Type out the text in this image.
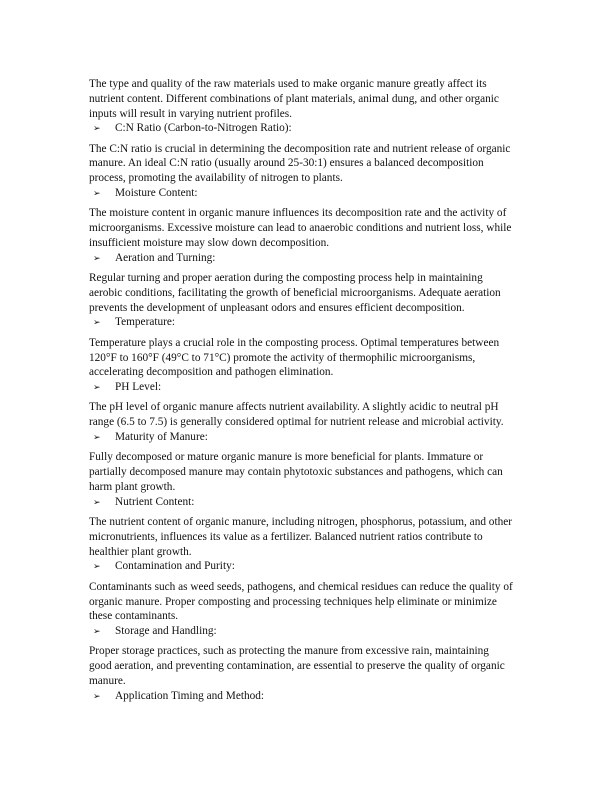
The type and quality of the raw materials used to make organic manure greatly affect its
nutrient content. Different combinations of plant materials, animal dung, and other organic
inputs will result in varying nutrient profiles.

➢	C:N Ratio (Carbon-to-Nitrogen Ratio):

The C:N ratio is crucial in determining the decomposition rate and nutrient release of organic
manure. An ideal C:N ratio (usually around 25-30:1) ensures a balanced decomposition
process, promoting the availability of nitrogen to plants.

➢	Moisture Content:

The moisture content in organic manure influences its decomposition rate and the activity of
microorganisms. Excessive moisture can lead to anaerobic conditions and nutrient loss, while
insufficient moisture may slow down decomposition.

➢	Aeration and Turning:

Regular turning and proper aeration during the composting process help in maintaining
aerobic conditions, facilitating the growth of beneficial microorganisms. Adequate aeration
prevents the development of unpleasant odors and ensures efficient decomposition.

➢	Temperature:

Temperature plays a crucial role in the composting process. Optimal temperatures between
120°F to 160°F (49°C to 71°C) promote the activity of thermophilic microorganisms,
accelerating decomposition and pathogen elimination.

➢	PH Level:

The pH level of organic manure affects nutrient availability. A slightly acidic to neutral pH
range (6.5 to 7.5) is generally considered optimal for nutrient release and microbial activity.

➢	Maturity of Manure:

Fully decomposed or mature organic manure is more beneficial for plants. Immature or
partially decomposed manure may contain phytotoxic substances and pathogens, which can
harm plant growth.

➢	Nutrient Content:

The nutrient content of organic manure, including nitrogen, phosphorus, potassium, and other
micronutrients, influences its value as a fertilizer. Balanced nutrient ratios contribute to
healthier plant growth.

➢	Contamination and Purity:

Contaminants such as weed seeds, pathogens, and chemical residues can reduce the quality of
organic manure. Proper composting and processing techniques help eliminate or minimize
these contaminants.

➢	Storage and Handling:

Proper storage practices, such as protecting the manure from excessive rain, maintaining
good aeration, and preventing contamination, are essential to preserve the quality of organic
manure.

➢	Application Timing and Method:
